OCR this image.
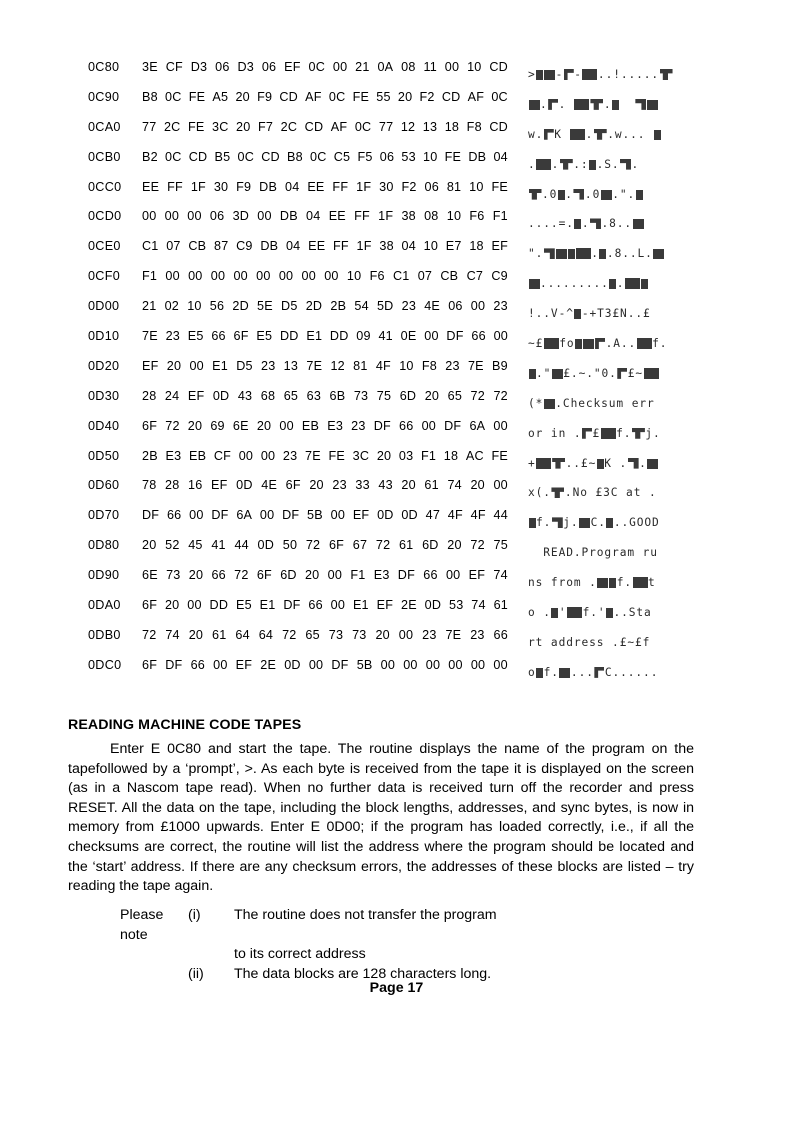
0C80	3E CF D3 06 D3 06 EF 0C 00 21 0A 08 11 00 10 CD
0C90	B8 0C FE A5 20 F9 CD AF 0C FE 55 20 F2 CD AF 0C
0CA0	77 2C FE 3C 20 F7 2C CD AF 0C 77 12 13 18 F8 CD
0CB0	B2 0C CD B5 0C CD B8 0C C5 F5 06 53 10 FE DB 04
0CC0	EE FF 1F 30 F9 DB 04 EE FF 1F 30 F2 06 81 10 FE
0CD0	00 00 00 06 3D 00 DB 04 EE FF 1F 38 08 10 F6 F1
0CE0	C1 07 CB 87 C9 DB 04 EE FF 1F 38 04 10 E7 18 EF
0CF0	F1 00 00 00 00 00 00 00 00 10 F6 C1 07 CB C7 C9
0D00	21 02 10 56 2D 5E D5 2D 2B 54 5D 23 4E 06 00 23
0D10	7E 23 E5 66 6F E5 DD E1 DD 09 41 0E 00 DF 66 00
0D20	EF 20 00 E1 D5 23 13 7E 12 81 4F 10 F8 23 7E B9
0D30	28 24 EF 0D 43 68 65 63 6B 73 75 6D 20 65 72 72
0D40	6F 72 20 69 6E 20 00 EB E3 23 DF 66 00 DF 6A 00
0D50	2B E3 EB CF 00 00 23 7E FE 3C 20 03 F1 18 AC FE
0D60	78 28 16 EF 0D 4E 6F 20 23 33 43 20 61 74 20 00
0D70	DF 66 00 DF 6A 00 DF 5B 00 EF 0D 0D 47 4F 4F 44
0D80	20 52 45 41 44 0D 50 72 6F 67 72 61 6D 20 72 75
0D90	6E 73 20 66 72 6F 6D 20 00 F1 E3 DF 66 00 EF 74
0DA0	6F 20 00 DD E5 E1 DF 66 00 E1 EF 2E 0D 53 74 61
0DB0	72 74 20 61 64 64 72 65 73 73 20 00 23 7E 23 66
0DC0	6F DF 66 00 EF 2E 0D 00 DF 5B 00 00 00 00 00 00
> - - ..!.....
. .	.
w. K . .w...
. . .: .S. .
.0 . .0 .".
....=. . .8..
".	. .8..L.
......... .
!..V-^ -+T3£N..£
~£ fo	.A.. f.
." £.~."0. £~
(* .Checksum err
or in . £ f. j.
+	..£~ K . .
x(. .No £3C at .
f. j. C. ..GOOD
READ.Program ru
ns from . f. t
o . ' f.' ..Sta
rt address .£~£f
o f. ... C......
READING MACHINE CODE TAPES
Enter E 0C80 and start the tape. The routine displays the name of the program on the tapefollowed by a ‘prompt’, >. As each byte is received from the tape it is displayed on the screen (as in a Nascom tape read). When no further data is received turn off the recorder and press RESET. All the data on the tape, including the block lengths, addresses, and sync bytes, is now in memory from £1000 upwards. Enter E 0D00; if the program has loaded correctly, i.e., if all the checksums are correct, the routine will list the address where the program should be located and the ‘start’ address. If there are any checksum errors, the addresses of these blocks are listed – try reading the tape again.
Please note
(i)	The routine does not transfer the program
to its correct address
(ii)	The data blocks are 128 characters long.
Page 17
